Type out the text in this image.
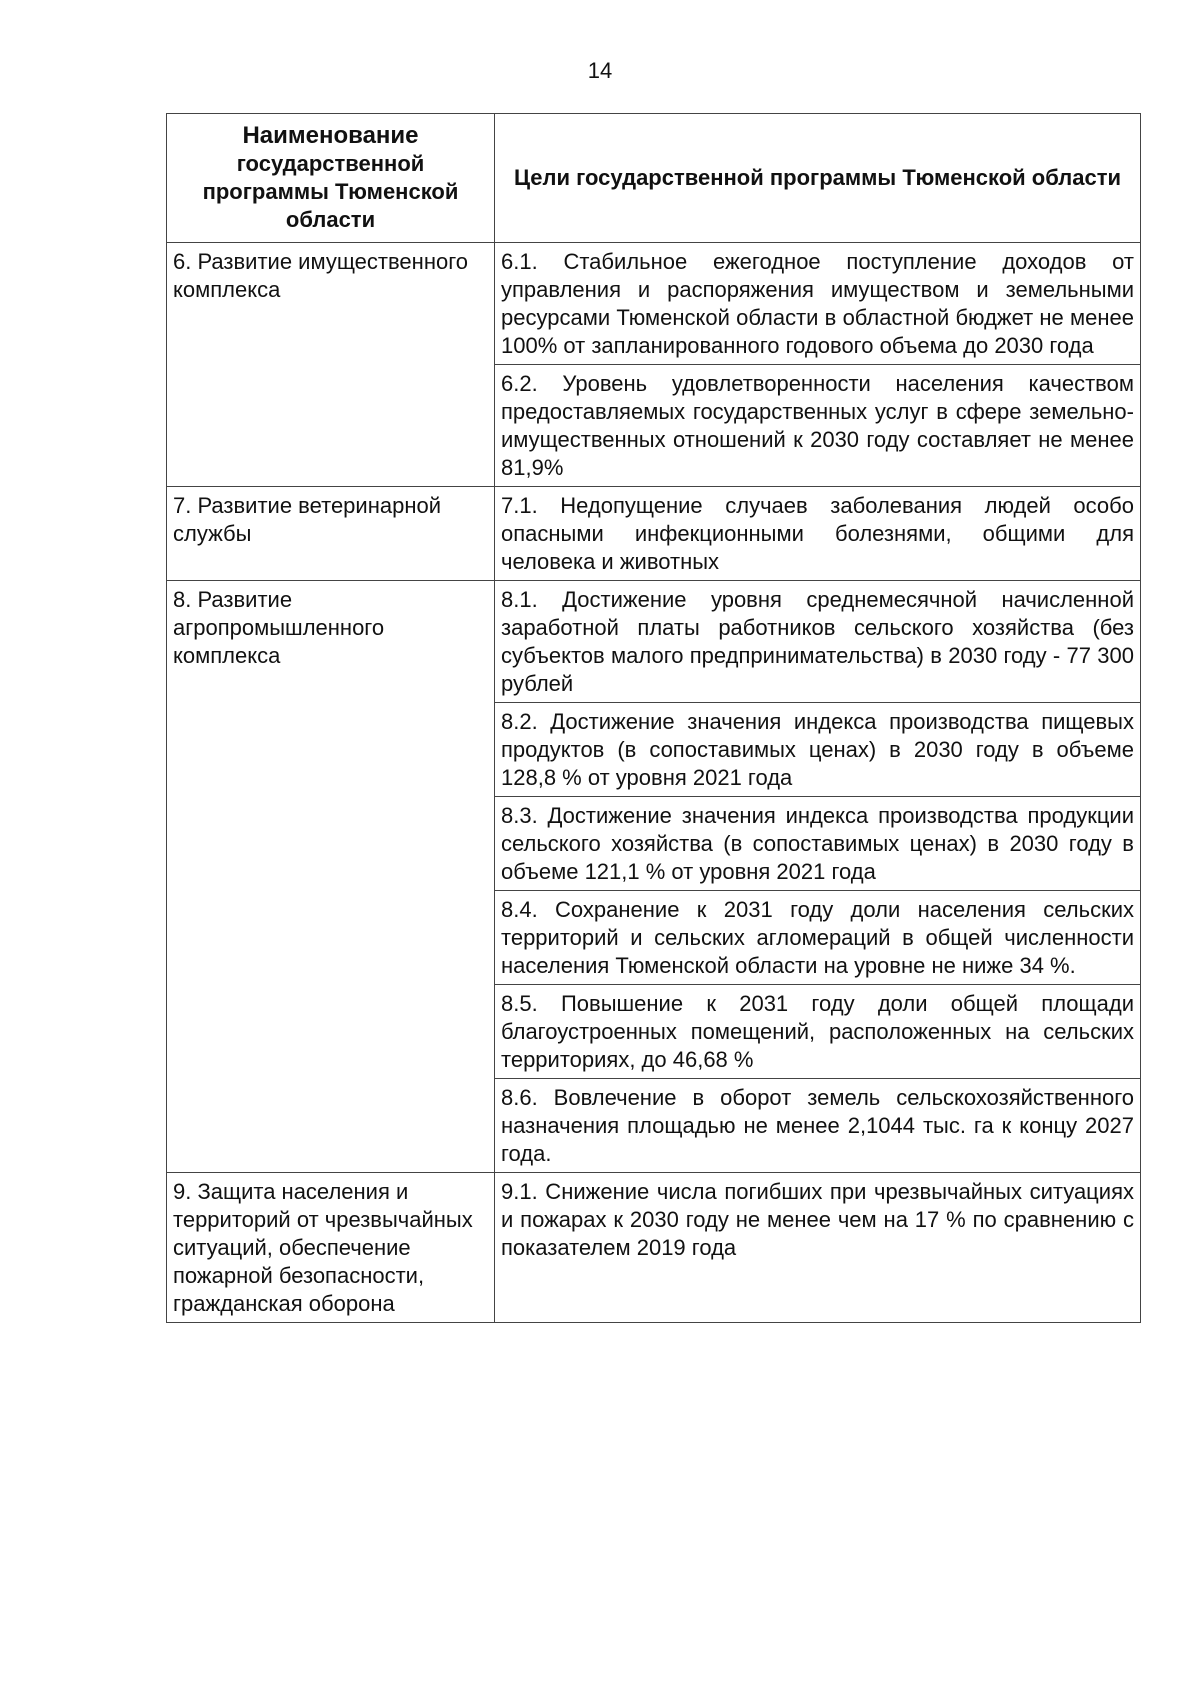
14
Наименование
государственной программы Тюменской области	Цели государственной программы Тюменской области
6. Развитие имущественного комплекса	6.1. Стабильное ежегодное поступление доходов от управления и распоряжения имуществом и земельными ресурсами Тюменской области в областной бюджет не менее 100% от запланированного годового объема до 2030 года
	6.2. Уровень удовлетворенности населения качеством предоставляемых государственных услуг в сфере земельно-имущественных отношений к 2030 году составляет не менее 81,9%
7. Развитие ветеринарной службы	7.1. Недопущение случаев заболевания людей особо опасными инфекционными болезнями, общими для человека и животных
8. Развитие агропромышленного комплекса	8.1. Достижение уровня среднемесячной начисленной заработной платы работников сельского хозяйства (без субъектов малого предпринимательства) в 2030 году - 77 300 рублей
	8.2. Достижение значения индекса производства пищевых продуктов (в сопоставимых ценах) в 2030 году в объеме 128,8 % от уровня 2021 года
	8.3. Достижение значения индекса производства продукции сельского хозяйства (в сопоставимых ценах) в 2030 году в объеме 121,1 % от уровня 2021 года
	8.4. Сохранение к 2031 году доли населения сельских территорий и сельских агломераций в общей численности населения Тюменской области на уровне не ниже 34 %.
	8.5. Повышение к 2031 году доли общей площади благоустроенных помещений, расположенных на сельских территориях, до 46,68 %
	8.6. Вовлечение в оборот земель сельскохозяйственного назначения площадью не менее 2,1044 тыс. га к концу 2027 года.
9. Защита населения и территорий от чрезвычайных ситуаций, обеспечение пожарной безопасности, гражданская оборона	9.1. Снижение числа погибших при чрезвычайных ситуациях и пожарах к 2030 году не менее чем на 17 % по сравнению с показателем 2019 года
